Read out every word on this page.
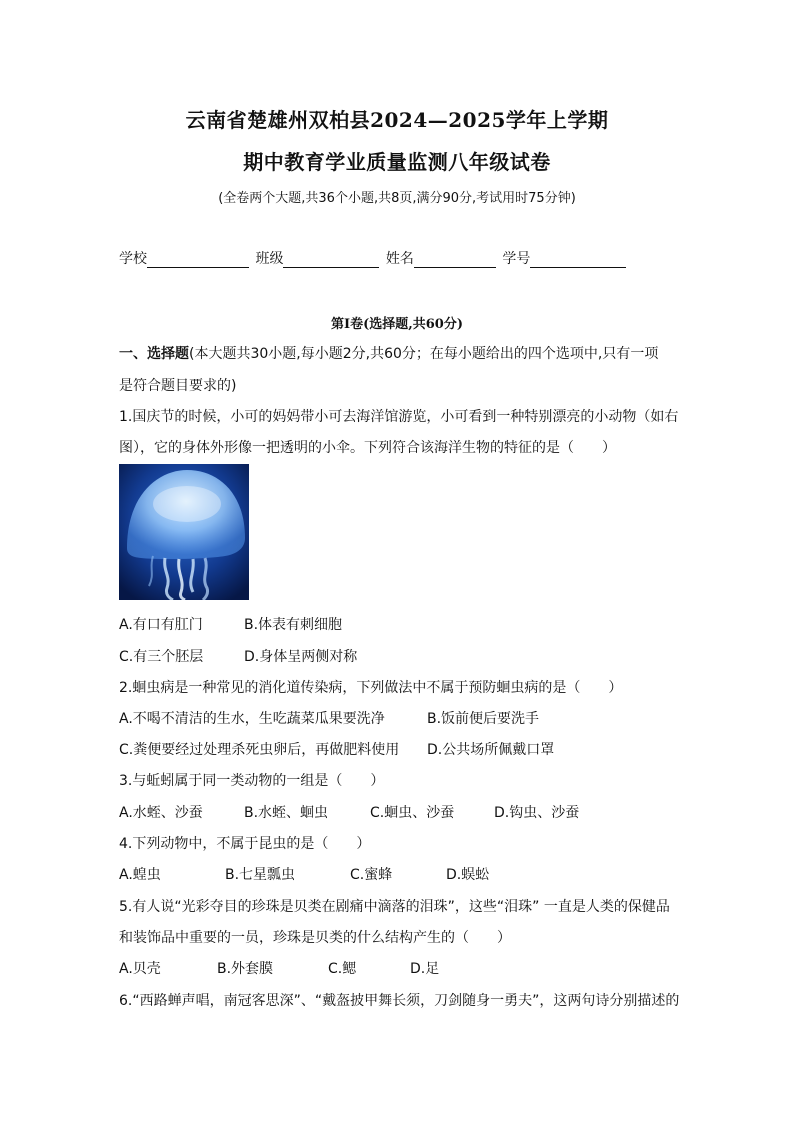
云南省楚雄州双柏县2024—2025学年上学期
期中教育学业质量监测八年级试卷
(全卷两个大题,共36个小题,共8页,满分90分,考试用时75分钟)
学校	班级	姓名	学号
第I卷(选择题,共60分)
一、选择题(本大题共30小题,每小题2分,共60分；在每小题给出的四个选项中,只有一项
是符合题目要求的)
1.国庆节的时候，小可的妈妈带小可去海洋馆游览，小可看到一种特别漂亮的小动物（如右
图），它的身体外形像一把透明的小伞。下列符合该海洋生物的特征的是（　　）
A.有口有肛门	B.体表有刺细胞
C.有三个胚层	D.身体呈两侧对称
2.蛔虫病是一种常见的消化道传染病，下列做法中不属于预防蛔虫病的是（　　）
A.不喝不清洁的生水，生吃蔬菜瓜果要洗净	B.饭前便后要洗手
C.粪便要经过处理杀死虫卵后，再做肥料使用 D.公共场所佩戴口罩
3.与蚯蚓属于同一类动物的一组是（　　）
A.水蛭、沙蚕	B.水蛭、蛔虫	C.蛔虫、沙蚕	D.钩虫、沙蚕
4.下列动物中，不属于昆虫的是（　　）
A.蝗虫	B.七星瓢虫	C.蜜蜂	D.蜈蚣
5.有人说“光彩夺目的珍珠是贝类在剧痛中滴落的泪珠”，这些“泪珠” 一直是人类的保健品
和装饰品中重要的一员，珍珠是贝类的什么结构产生的（　　）
A.贝壳	B.外套膜	C.鳃	D.足
6.“西路蝉声唱，南冠客思深”、“戴盔披甲舞长须，刀剑随身一勇夫”，这两句诗分别描述的
